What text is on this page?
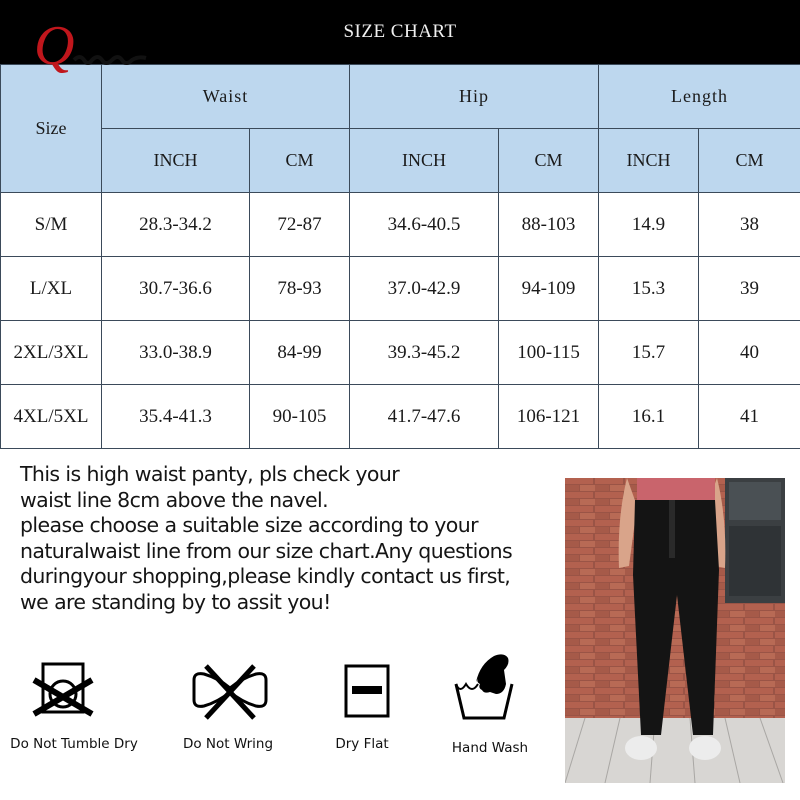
SIZE CHART
Q
Size	Waist		Hip		Length	
	INCH	CM	INCH	CM	INCH	CM
S/M	28.3-34.2	72-87	34.6-40.5	88-103	14.9	38
L/XL	30.7-36.6	78-93	37.0-42.9	94-109	15.3	39
2XL/3XL	33.0-38.9	84-99	39.3-45.2	100-115	15.7	40
4XL/5XL	35.4-41.3	90-105	41.7-47.6	106-121	16.1	41
This is high waist panty, pls check your
waist line 8cm above the navel.
please choose a suitable size according to your
naturalwaist line from our size chart.Any questions
duringyour shopping,please kindly contact us first,
we are standing by to assit you!
Do Not Tumble Dry	Do Not Wring	Dry Flat	Hand Wash
